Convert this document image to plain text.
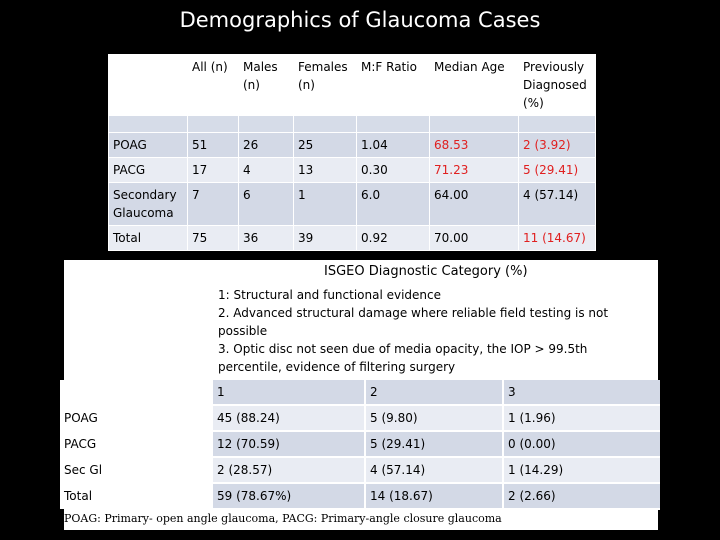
Demographics of Glaucoma Cases
	All (n)	Males (n)	Females (n)	M:F Ratio	Median Age	Previously Diagnosed (%)

POAG	51	26	25	1.04	68.53	2 (3.92)
PACG	17	4	13	0.30	71.23	5 (29.41)
Secondary Glaucoma	7	6	1	6.0	64.00	4 (57.14)
Total	75	36	39	0.92	70.00	11 (14.67)
ISGEO Diagnostic Category (%)
1: Structural and functional evidence
2. Advanced structural damage where reliable field testing is not possible
3. Optic disc not seen due of media opacity, the IOP > 99.5th percentile, evidence of filtering surgery
	1	2	3
POAG	45 (88.24)	5 (9.80)	1 (1.96)
PACG	12 (70.59)	5 (29.41)	0 (0.00)
Sec Gl	2 (28.57)	4 (57.14)	1 (14.29)
Total	59 (78.67%)	14 (18.67)	2 (2.66)
POAG: Primary- open angle glaucoma, PACG: Primary-angle closure glaucoma
